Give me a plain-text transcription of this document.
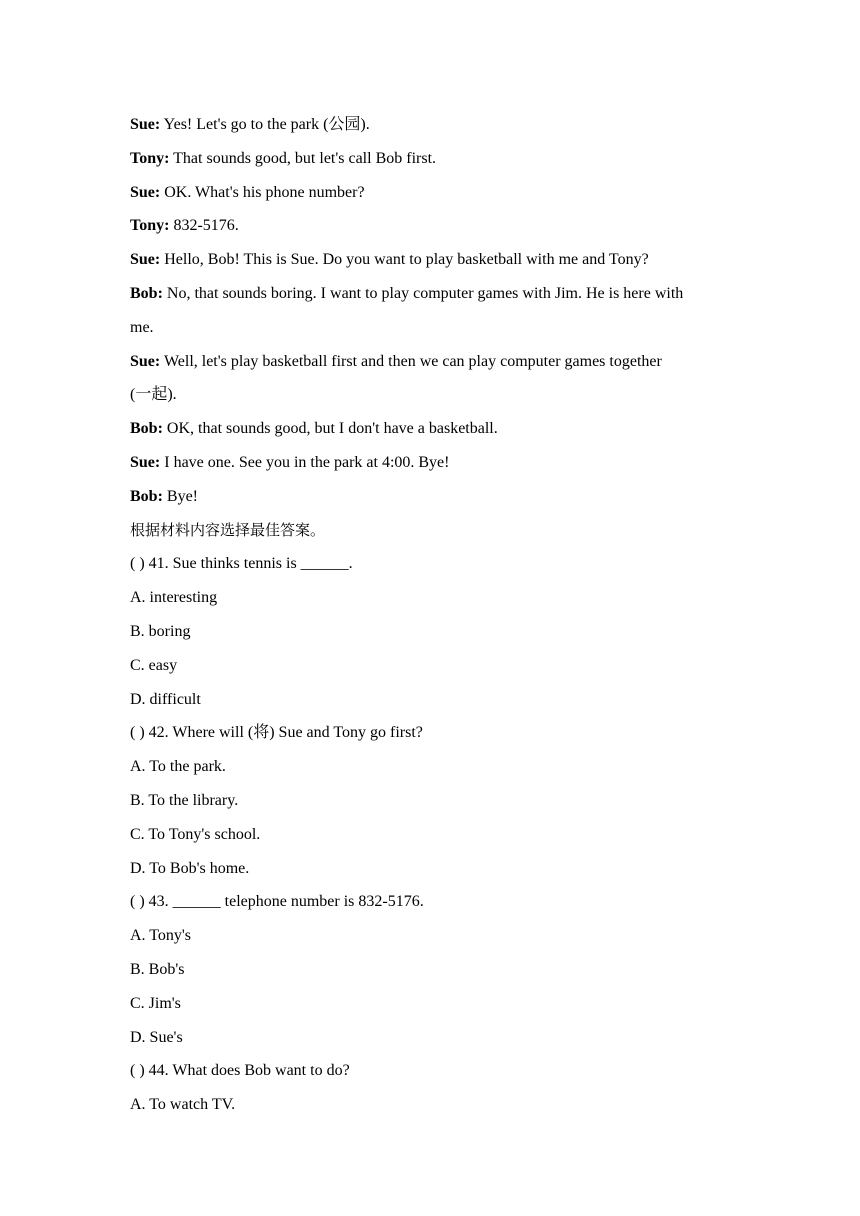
Sue: Yes! Let's go to the park (公园).
Tony: That sounds good, but let's call Bob first.
Sue: OK. What's his phone number?
Tony: 832-5176.
Sue: Hello, Bob! This is Sue. Do you want to play basketball with me and Tony?
Bob: No, that sounds boring. I want to play computer games with Jim. He is here with
me.
Sue: Well, let's play basketball first and then we can play computer games together
(一起).
Bob: OK, that sounds good, but I don't have a basketball.
Sue: I have one. See you in the park at 4:00. Bye!
Bob: Bye!
根据材料内容选择最佳答案。
( ) 41. Sue thinks tennis is ______.
A. interesting
B. boring
C. easy
D. difficult
( ) 42. Where will (将) Sue and Tony go first?
A. To the park.
B. To the library.
C. To Tony's school.
D. To Bob's home.
( ) 43. ______ telephone number is 832-5176.
A. Tony's
B. Bob's
C. Jim's
D. Sue's
( ) 44. What does Bob want to do?
A. To watch TV.
